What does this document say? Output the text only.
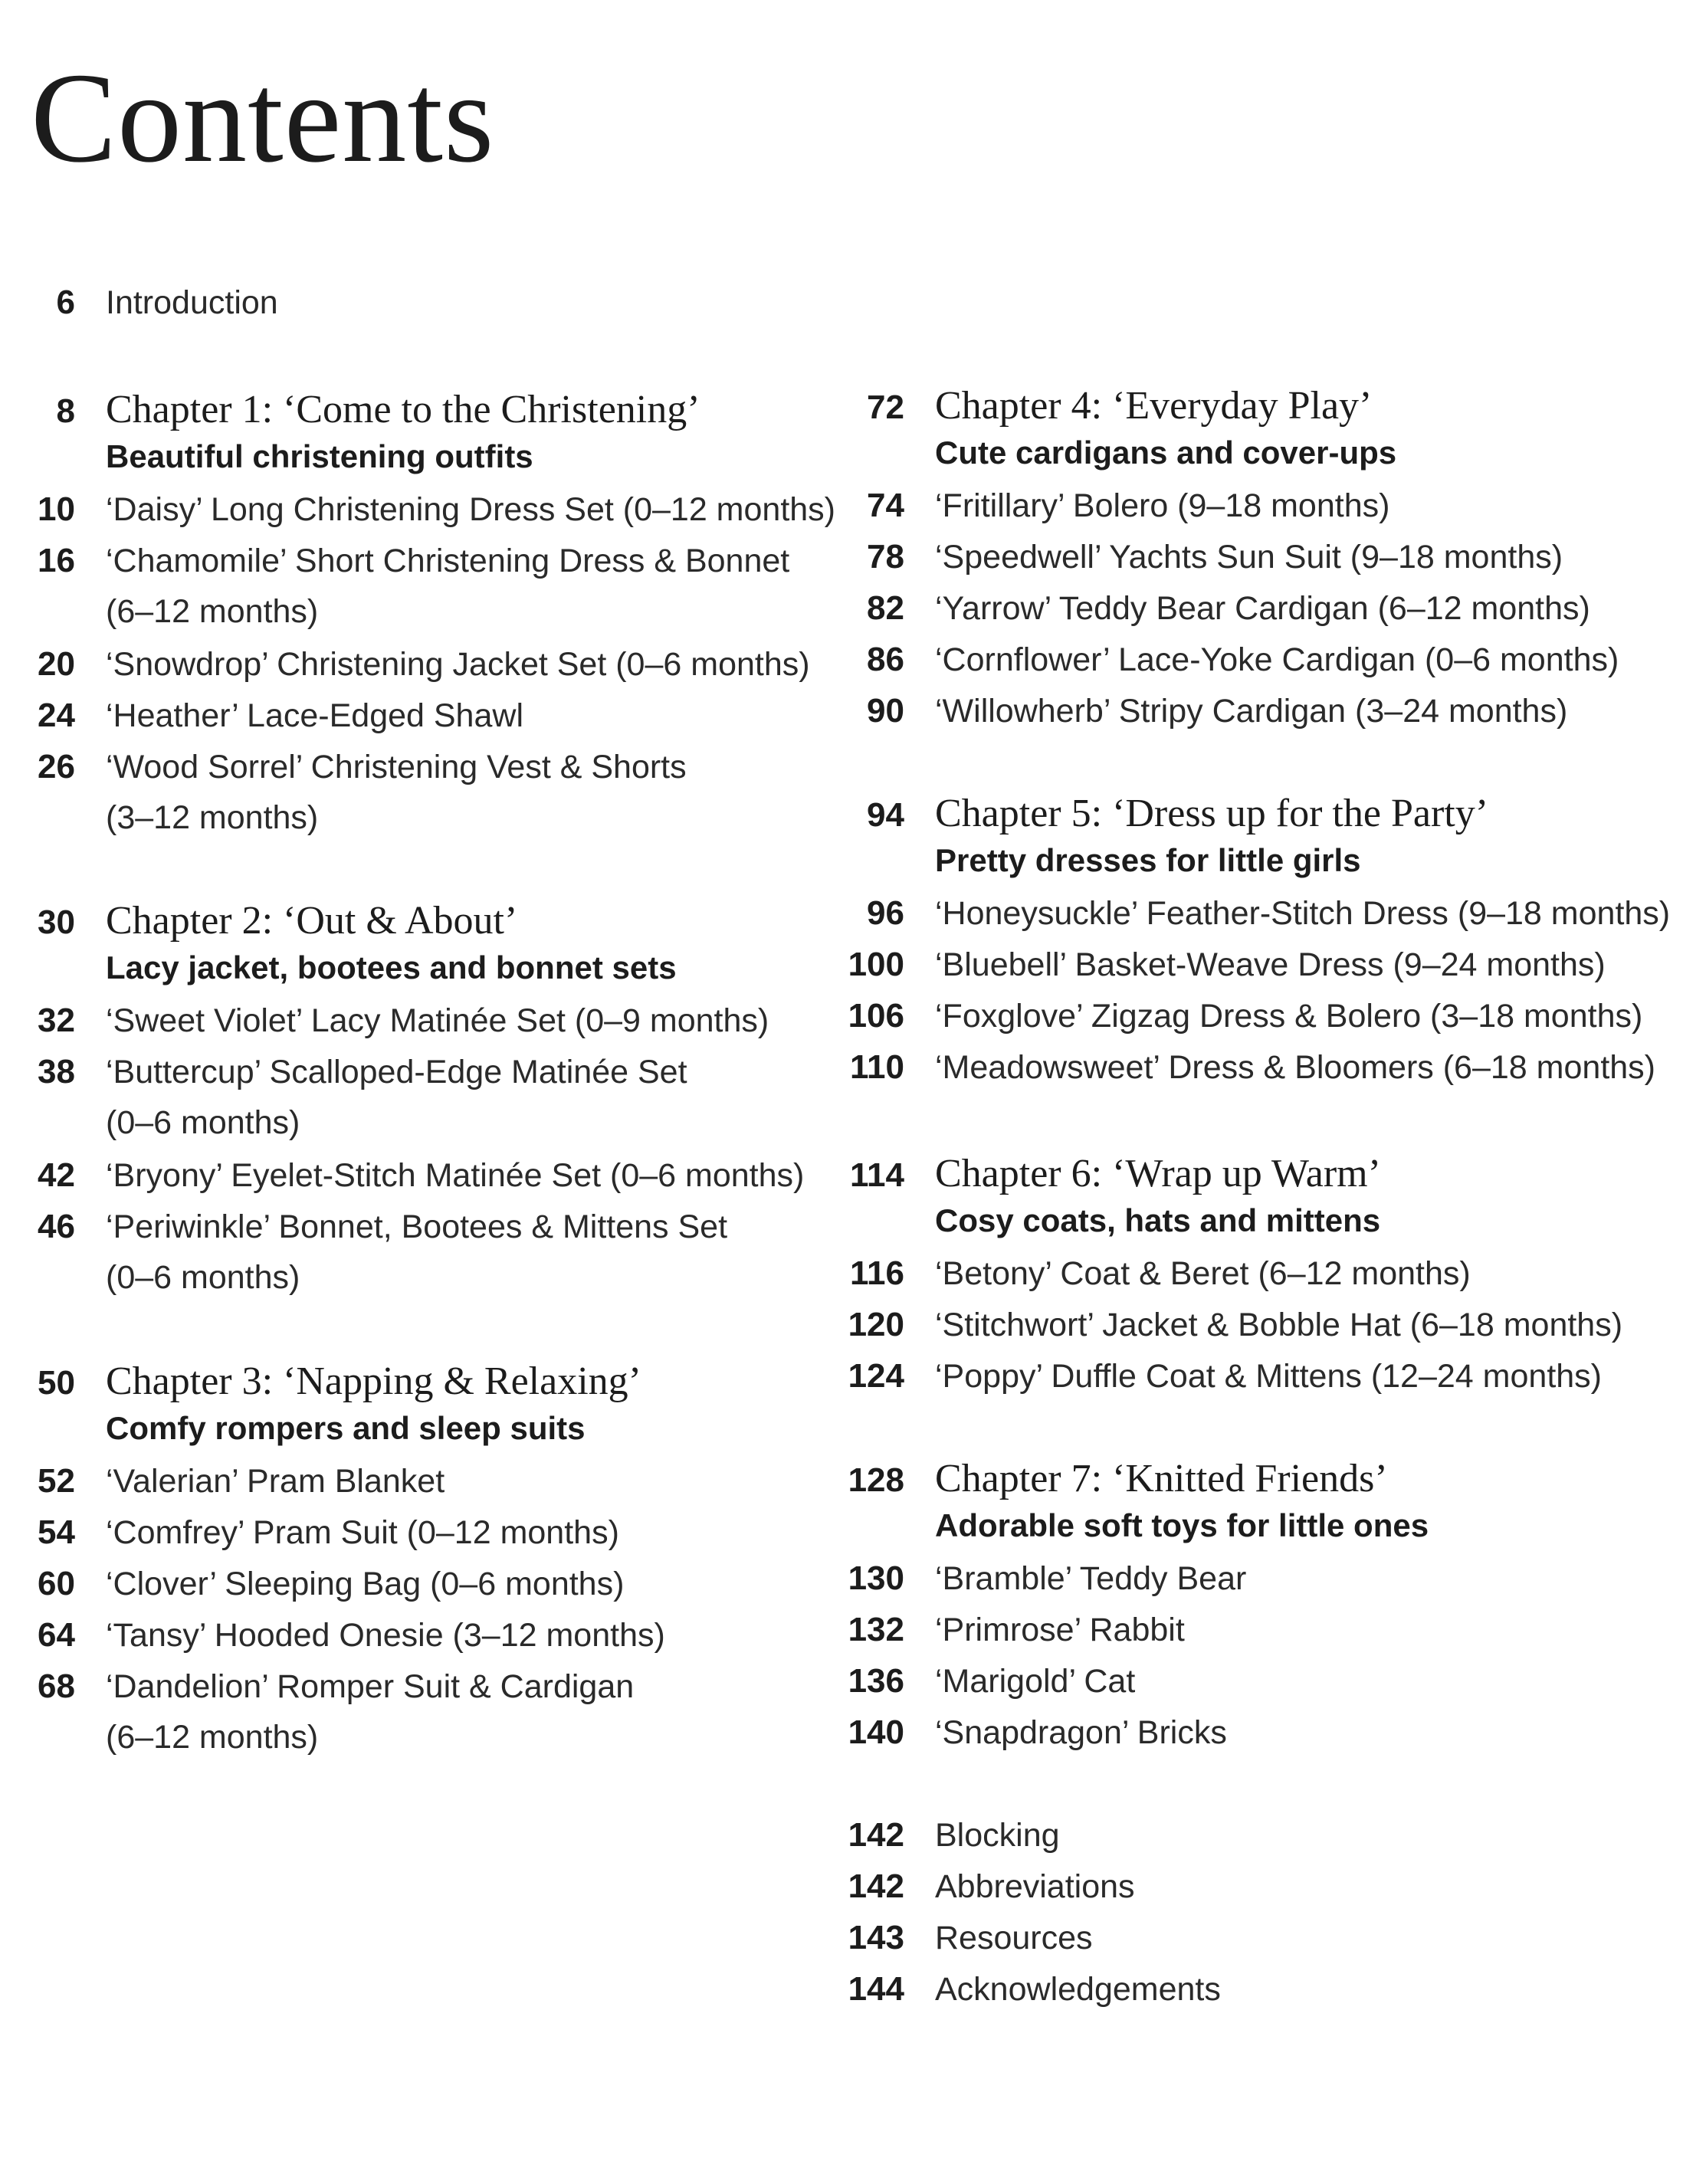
Contents
6 Introduction
8 Chapter 1: ‘Come to the Christening’
Beautiful christening outfits
10 ‘Daisy’ Long Christening Dress Set (0–12 months)
16 ‘Chamomile’ Short Christening Dress & Bonnet
(6–12 months)
20 ‘Snowdrop’ Christening Jacket Set (0–6 months)
24 ‘Heather’ Lace-Edged Shawl
26 ‘Wood Sorrel’ Christening Vest & Shorts
(3–12 months)
30 Chapter 2: ‘Out & About’
Lacy jacket, bootees and bonnet sets
32 ‘Sweet Violet’ Lacy Matinée Set (0–9 months)
38 ‘Buttercup’ Scalloped-Edge Matinée Set
(0–6 months)
42 ‘Bryony’ Eyelet-Stitch Matinée Set (0–6 months)
46 ‘Periwinkle’ Bonnet, Bootees & Mittens Set
(0–6 months)
50 Chapter 3: ‘Napping & Relaxing’
Comfy rompers and sleep suits
52 ‘Valerian’ Pram Blanket
54 ‘Comfrey’ Pram Suit (0–12 months)
60 ‘Clover’ Sleeping Bag (0–6 months)
64 ‘Tansy’ Hooded Onesie (3–12 months)
68 ‘Dandelion’ Romper Suit & Cardigan
(6–12 months)
72 Chapter 4: ‘Everyday Play’
Cute cardigans and cover-ups
74 ‘Fritillary’ Bolero (9–18 months)
78 ‘Speedwell’ Yachts Sun Suit (9–18 months)
82 ‘Yarrow’ Teddy Bear Cardigan (6–12 months)
86 ‘Cornflower’ Lace-Yoke Cardigan (0–6 months)
90 ‘Willowherb’ Stripy Cardigan (3–24 months)
94 Chapter 5: ‘Dress up for the Party’
Pretty dresses for little girls
96 ‘Honeysuckle’ Feather-Stitch Dress (9–18 months)
100 ‘Bluebell’ Basket-Weave Dress (9–24 months)
106 ‘Foxglove’ Zigzag Dress & Bolero (3–18 months)
110 ‘Meadowsweet’ Dress & Bloomers (6–18 months)
114 Chapter 6: ‘Wrap up Warm’
Cosy coats, hats and mittens
116 ‘Betony’ Coat & Beret (6–12 months)
120 ‘Stitchwort’ Jacket & Bobble Hat (6–18 months)
124 ‘Poppy’ Duffle Coat & Mittens (12–24 months)
128 Chapter 7: ‘Knitted Friends’
Adorable soft toys for little ones
130 ‘Bramble’ Teddy Bear
132 ‘Primrose’ Rabbit
136 ‘Marigold’ Cat
140 ‘Snapdragon’ Bricks
142 Blocking
142 Abbreviations
143 Resources
144 Acknowledgements
